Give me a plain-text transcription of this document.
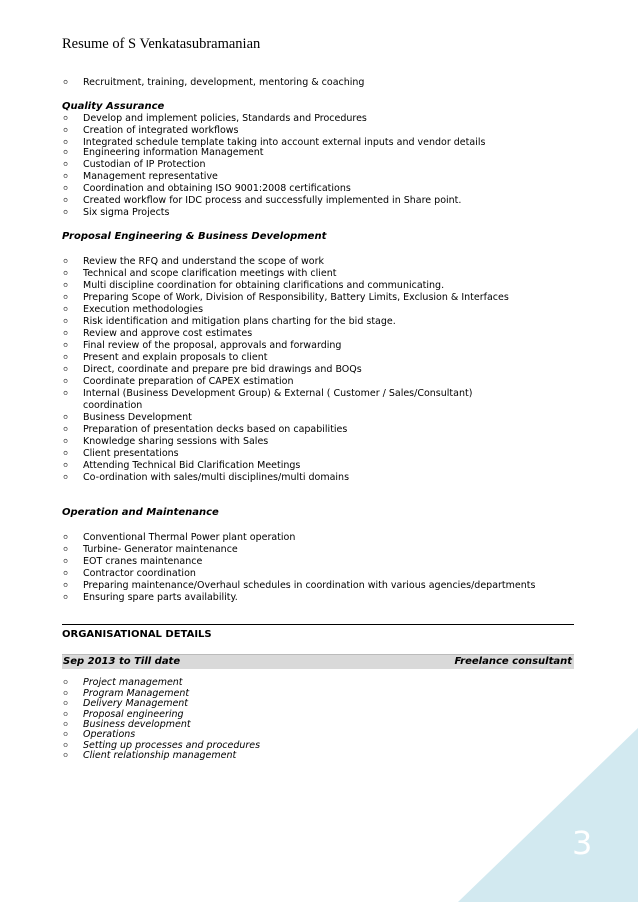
3
Resume of S Venkatasubramanian
⚪ Recruitment, training, development, mentoring & coaching
Quality Assurance
⚪ Develop and implement policies, Standards and Procedures
⚪ Creation of integrated workflows
⚪ Integrated schedule template taking into account external inputs and vendor details
⚪ Engineering information Management
⚪ Custodian of IP Protection
⚪ Management representative
⚪ Coordination and obtaining ISO 9001:2008 certifications
⚪ Created workflow for IDC process and successfully implemented in Share point.
⚪ Six sigma Projects
Proposal Engineering & Business Development
⚪ Review the RFQ and understand the scope of work
⚪ Technical and scope clarification meetings with client
⚪ Multi discipline coordination for obtaining clarifications and communicating.
⚪ Preparing Scope of Work, Division of Responsibility, Battery Limits, Exclusion & Interfaces
⚪ Execution methodologies
⚪ Risk identification and mitigation plans charting for the bid stage.
⚪ Review and approve cost estimates
⚪ Final review of the proposal, approvals and forwarding
⚪ Present and explain proposals to client
⚪ Direct, coordinate and prepare pre bid drawings and BOQs
⚪ Coordinate preparation of CAPEX estimation
⚪ Internal (Business Development Group) & External ( Customer / Sales/Consultant)
coordination
⚪ Business Development
⚪ Preparation of presentation decks based on capabilities
⚪ Knowledge sharing sessions with Sales
⚪ Client presentations
⚪ Attending Technical Bid Clarification Meetings
⚪ Co-ordination with sales/multi disciplines/multi domains
Operation and Maintenance
⚪ Conventional Thermal Power plant operation
⚪ Turbine- Generator maintenance
⚪ EOT cranes maintenance
⚪ Contractor coordination
⚪ Preparing maintenance/Overhaul schedules in coordination with various agencies/departments
⚪ Ensuring spare parts availability.
ORGANISATIONAL DETAILS
Sep 2013 to Till date	Freelance consultant
⚪ Project management
⚪ Program Management
⚪ Delivery Management
⚪ Proposal engineering
⚪ Business development
⚪ Operations
⚪ Setting up processes and procedures
⚪ Client relationship management
